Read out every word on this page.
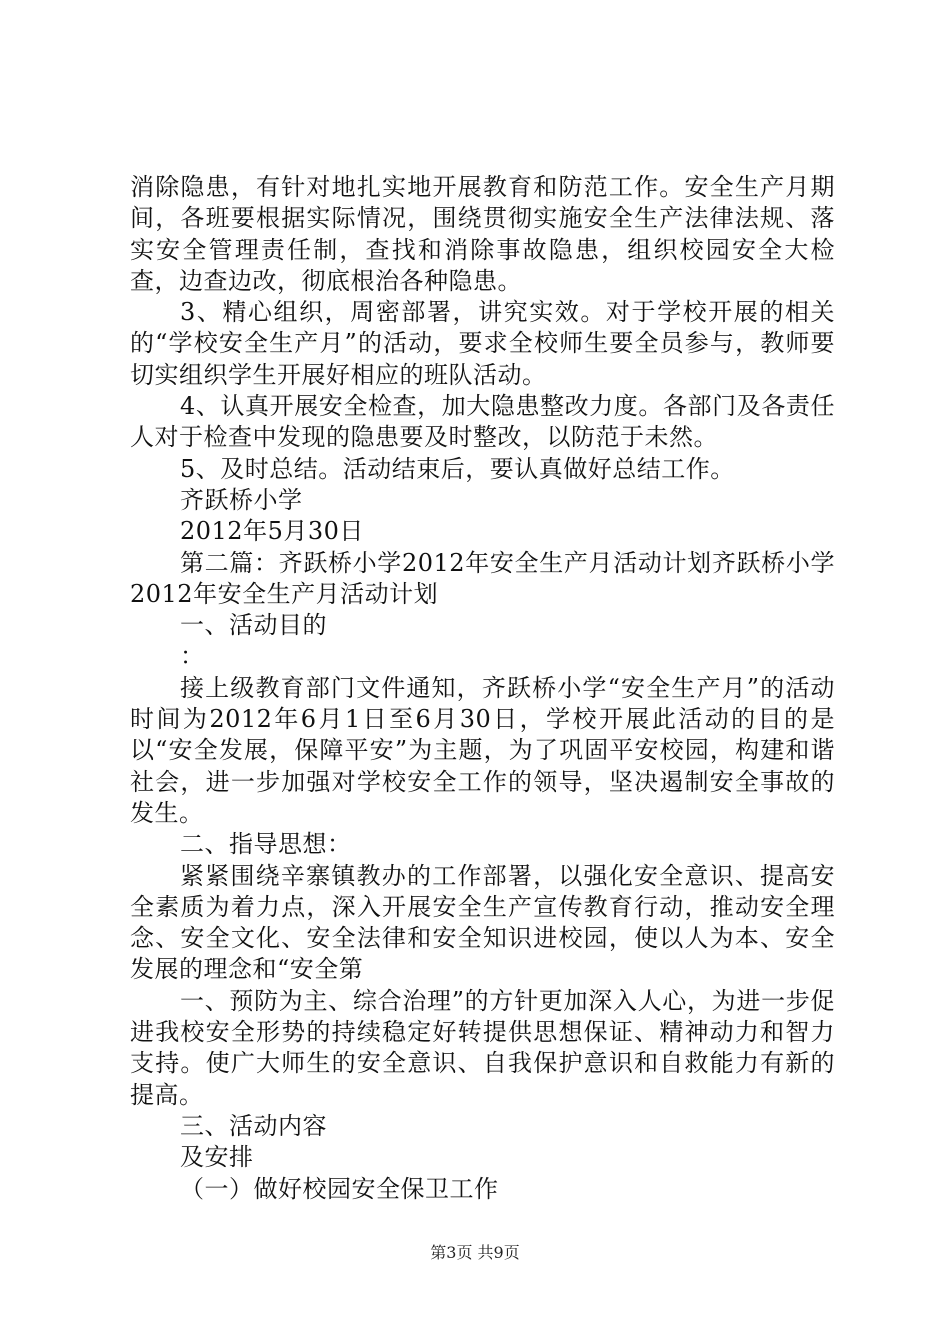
消除隐患，有针对地扎实地开展教育和防范工作。安全生产月期间，各班要根据实际情况，围绕贯彻实施安全生产法律法规、落实安全管理责任制，查找和消除事故隐患，组织校园安全大检查，边查边改，彻底根治各种隐患。

3、精心组织，周密部署，讲究实效。对于学校开展的相关的“学校安全生产月”的活动，要求全校师生要全员参与，教师要切实组织学生开展好相应的班队活动。

4、认真开展安全检查，加大隐患整改力度。各部门及各责任人对于检查中发现的隐患要及时整改，以防范于未然。

5、及时总结。活动结束后，要认真做好总结工作。

齐跃桥小学

2012年5月30日

第二篇：齐跃桥小学2012年安全生产月活动计划齐跃桥小学2012年安全生产月活动计划

一、活动目的

：

接上级教育部门文件通知，齐跃桥小学“安全生产月”的活动时间为2012年6月1日至6月30日，学校开展此活动的目的是以“安全发展，保障平安”为主题，为了巩固平安校园，构建和谐社会，进一步加强对学校安全工作的领导，坚决遏制安全事故的发生。

二、指导思想：

紧紧围绕辛寨镇教办的工作部署，以强化安全意识、提高安全素质为着力点，深入开展安全生产宣传教育行动，推动安全理念、安全文化、安全法律和安全知识进校园，使以人为本、安全发展的理念和“安全第

一、预防为主、综合治理”的方针更加深入人心，为进一步促进我校安全形势的持续稳定好转提供思想保证、精神动力和智力支持。使广大师生的安全意识、自我保护意识和自救能力有新的提高。

三、活动内容

及安排

（一）做好校园安全保卫工作

第3页 共9页
